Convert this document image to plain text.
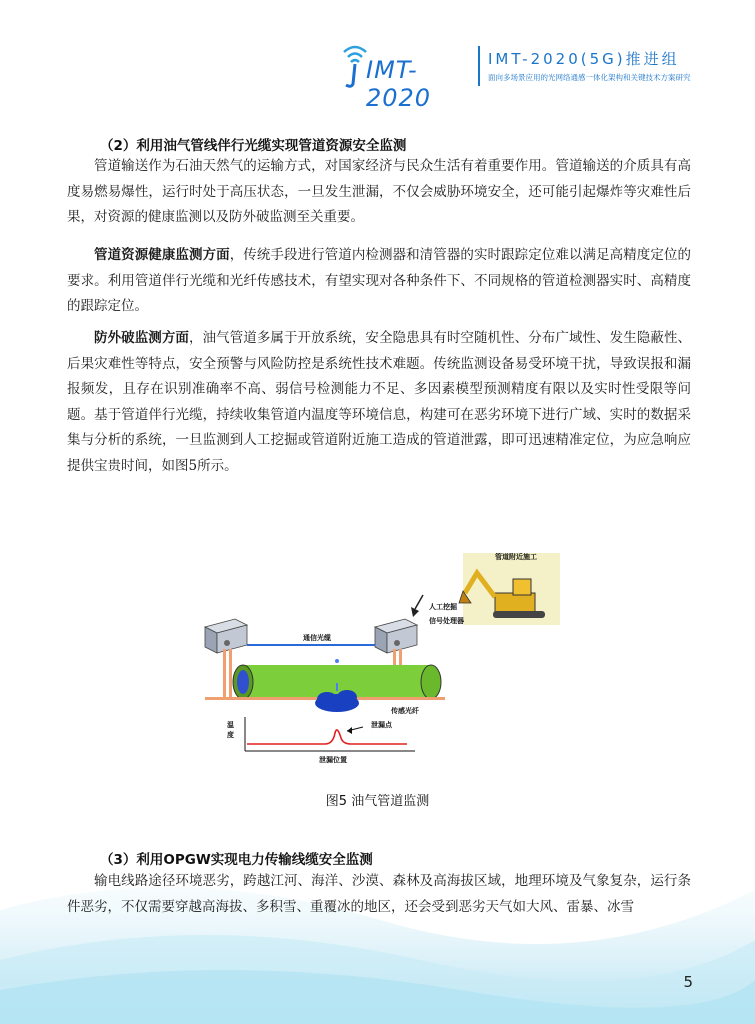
IMT-2020
IMT-2020(5G)推进组
面向多场景应用的光网络通感一体化架构和关键技术方案研究
（2）利用油气管线伴行光缆实现管道资源安全监测
管道输送作为石油天然气的运输方式，对国家经济与民众生活有着重要作用。管道输送的介质具有高度易燃易爆性，运行时处于高压状态，一旦发生泄漏，不仅会威胁环境安全，还可能引起爆炸等灾难性后果，对资源的健康监测以及防外破监测至关重要。
管道资源健康监测方面，传统手段进行管道内检测器和清管器的实时跟踪定位难以满足高精度定位的要求。利用管道伴行光缆和光纤传感技术，有望实现对各种条件下、不同规格的管道检测器实时、高精度的跟踪定位。
防外破监测方面，油气管道多属于开放系统，安全隐患具有时空随机性、分布广域性、发生隐蔽性、后果灾难性等特点，安全预警与风险防控是系统性技术难题。传统监测设备易受环境干扰，导致误报和漏报频发，且存在识别准确率不高、弱信号检测能力不足、多因素模型预测精度有限以及实时性受限等问题。基于管道伴行光缆，持续收集管道内温度等环境信息，构建可在恶劣环境下进行广域、实时的数据采集与分析的系统，一旦监测到人工挖掘或管道附近施工造成的管道泄露，即可迅速精准定位，为应急响应提供宝贵时间，如图5所示。
管道附近施工
人工挖掘
信号处理器
通信光缆
传感光纤
温
度
泄漏点
泄漏位置
图5 油气管道监测
（3）利用OPGW实现电力传输线缆安全监测
输电线路途径环境恶劣，跨越江河、海洋、沙漠、森林及高海拔区域，地理环境及气象复杂，运行条件恶劣，不仅需要穿越高海拔、多积雪、重覆冰的地区，还会受到恶劣天气如大风、雷暴、冰雪
5
